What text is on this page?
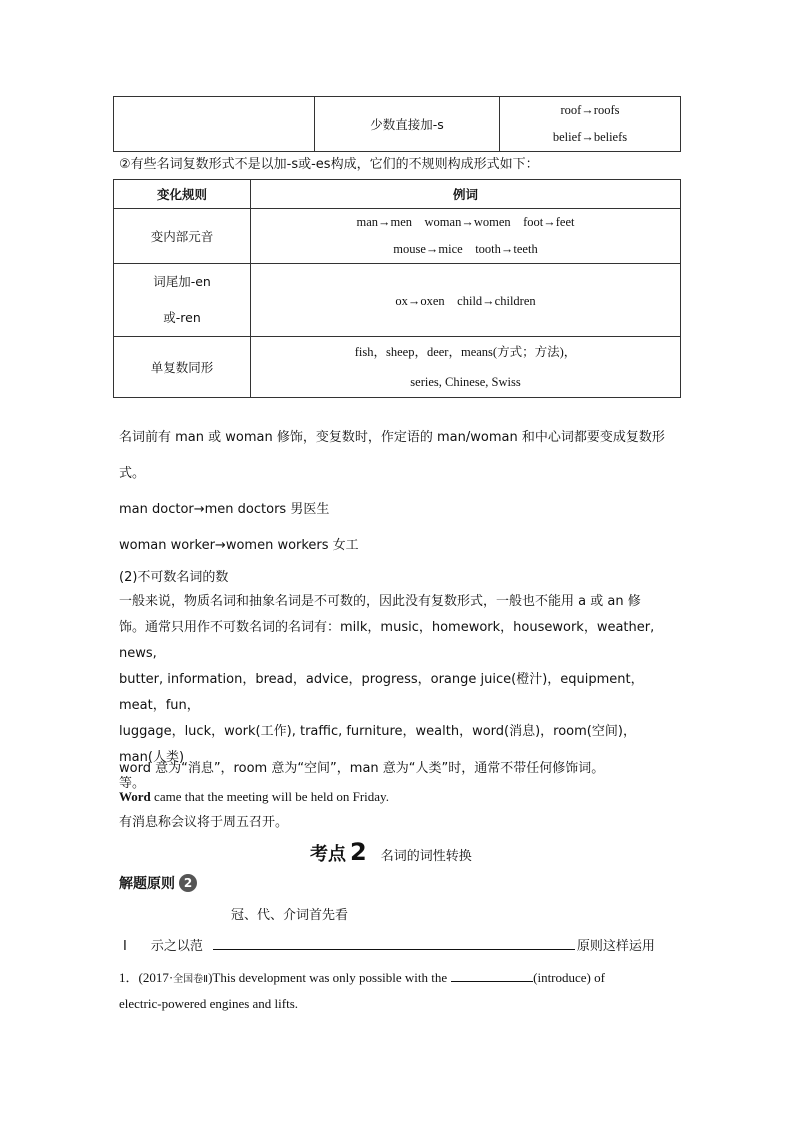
	少数直接加-s	
roof→roofs
belief→beliefs
②有些名词复数形式不是以加-s或-es构成，它们的不规则构成形式如下：
变化规则	例词
变内部元音	man→men　woman→women　foot→feet
mouse→mice　tooth→teeth

词尾加-en
或-ren	ox→oxen　child→children
单复数同形	fish，sheep，deer，means(方式；方法)，
series, Chinese, Swiss
名词前有 man 或 woman 修饰，变复数时，作定语的 man/woman 和中心词都要变成复数形
式。
man doctor→men doctors 男医生
woman worker→women workers 女工
(2)不可数名词的数
一般来说，物质名词和抽象名词是不可数的，因此没有复数形式，一般也不能用 a 或 an 修
饰。通常只用作不可数名词的名词有：milk，music，homework，housework，weather, news,
butter, information，bread，advice，progress，orange juice(橙汁)，equipment，meat，fun，
luggage，luck，work(工作), traffic, furniture，wealth，word(消息)，room(空间)，man(人类)
等。
word 意为“消息”，room 意为“空间”，man 意为“人类”时，通常不带任何修饰词。
Word came that the meeting will be held on Friday.
有消息称会议将于周五召开。
考点 2 名词的词性转换
解题原则 2
冠、代、介词首先看
Ⅰ 示之以范	原则这样运用
1．(2017· 全国卷Ⅱ )This development was only possible with the	(introduce) of
electric-powered engines and lifts.
